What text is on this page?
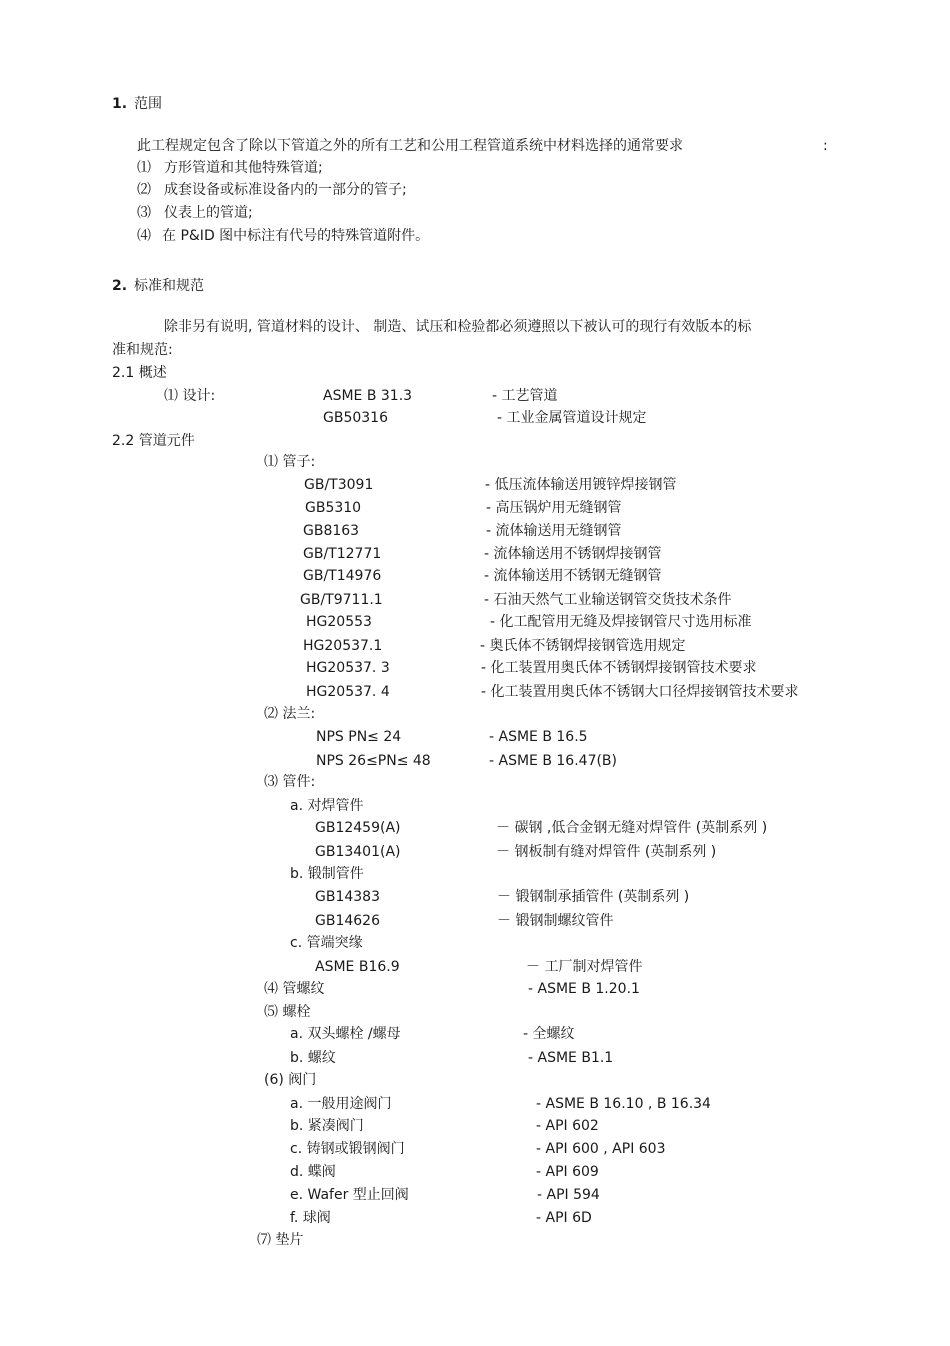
1. 范围
此工程规定包含了除以下管道之外的所有工艺和公用工程管道系统中材料选择的通常要求	:
⑴ 方形管道和其他特殊管道;
⑵ 成套设备或标准设备内的一部分的管子;
⑶ 仪表上的管道;
⑷ 在 P&ID 图中标注有代号的特殊管道附件。
2. 标准和规范
除非另有说明, 管道材料的设计、 制造、试压和检验都必须遵照以下被认可的现行有效版本的标
准和规范:
2.1 概述
⑴ 设计:	ASME B 31.3	- 工艺管道
GB50316	- 工业金属管道设计规定
2.2 管道元件
⑴ 管子:
GB/T3091	- 低压流体输送用镀锌焊接钢管
GB5310	- 高压锅炉用无缝钢管
GB8163	- 流体输送用无缝钢管
GB/T12771	- 流体输送用不锈钢焊接钢管
GB/T14976	- 流体输送用不锈钢无缝钢管
GB/T9711.1	- 石油天然气工业输送钢管交货技术条件
HG20553	- 化工配管用无缝及焊接钢管尺寸选用标准
HG20537.1	- 奥氏体不锈钢焊接钢管选用规定
HG20537. 3	- 化工装置用奥氏体不锈钢焊接钢管技术要求
HG20537. 4	- 化工装置用奥氏体不锈钢大口径焊接钢管技术要求
⑵ 法兰:
NPS PN≤ 24	- ASME B 16.5
NPS 26≤PN≤ 48	- ASME B 16.47(B)
⑶ 管件:
a. 对焊管件
GB12459(A)	－ 碳钢 ,低合金钢无缝对焊管件 (英制系列 )
GB13401(A)	－ 钢板制有缝对焊管件 (英制系列 )
b. 锻制管件
GB14383	－ 锻钢制承插管件 (英制系列 )
GB14626	－ 锻钢制螺纹管件
c. 管端突缘
ASME B16.9	－ 工厂制对焊管件
⑷ 管螺纹	- ASME B 1.20.1
⑸ 螺栓
a. 双头螺栓 /螺母	- 全螺纹
b. 螺纹	- ASME B1.1
(6) 阀门
a. 一般用途阀门	- ASME B 16.10 , B 16.34
b. 紧凑阀门	- API 602
c. 铸钢或锻钢阀门	- API 600 , API 603
d. 蝶阀	- API 609
e. Wafer 型止回阀	- API 594
f. 球阀	- API 6D
⑺ 垫片
